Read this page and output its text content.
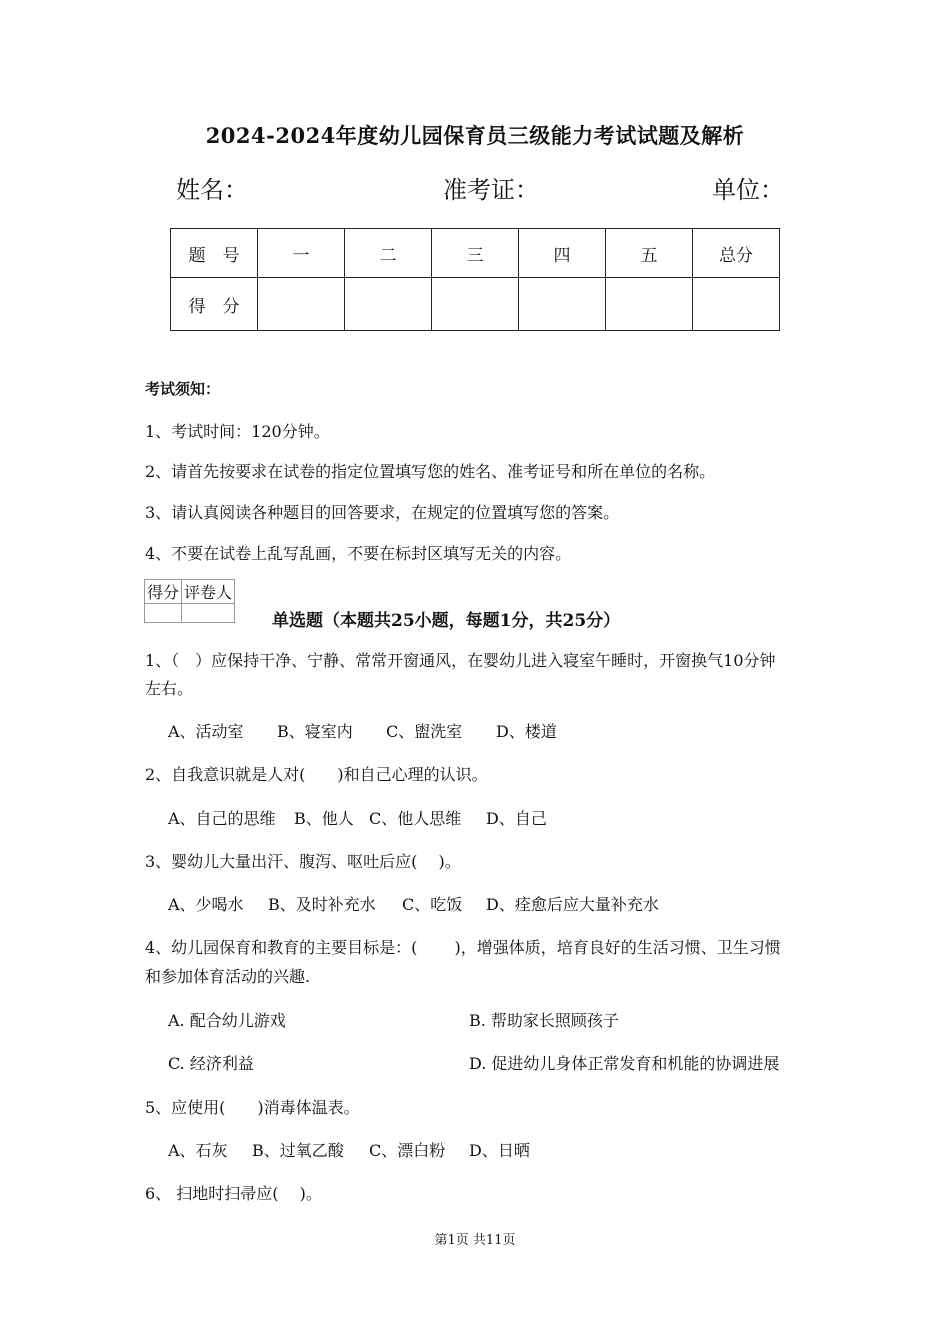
2024-2024年度幼儿园保育员三级能力考试试题及解析
姓名：	准考证：	单位：
题　号	一	二	三	四	五	总分
得　分						
考试须知：
1、考试时间：120分钟。
2、请首先按要求在试卷的指定位置填写您的姓名、准考证号和所在单位的名称。
3、请认真阅读各种题目的回答要求，在规定的位置填写您的答案。
4、不要在试卷上乱写乱画，不要在标封区填写无关的内容。
得分	评卷人

单选题（本题共25小题，每题1分，共25分）
1、（　）应保持干净、宁静、常常开窗通风，在婴幼儿进入寝室午睡时，开窗换气10分钟
左右。
A、活动室 B、寝室内 C、盥洗室 D、楼道
2、自我意识就是人对(　　)和自己心理的认识。
A、自己的思维 B、他人 C、他人思维 D、自己
3、婴幼儿大量出汗、腹泻、呕吐后应(　 )。
A、少喝水 B、及时补充水 C、吃饭 D、痊愈后应大量补充水
4、幼儿园保育和教育的主要目标是：(　　 )，增强体质，培育良好的生活习惯、卫生习惯
和参加体育活动的兴趣.
A. 配合幼儿游戏	B. 帮助家长照顾孩子
C. 经济利益	D. 促进幼儿身体正常发育和机能的协调进展
5、应使用(　　)消毒体温表。
A、石灰 B、过氧乙酸 C、漂白粉 D、日晒
6、 扫地时扫帚应(　 )。
第1页 共11页
